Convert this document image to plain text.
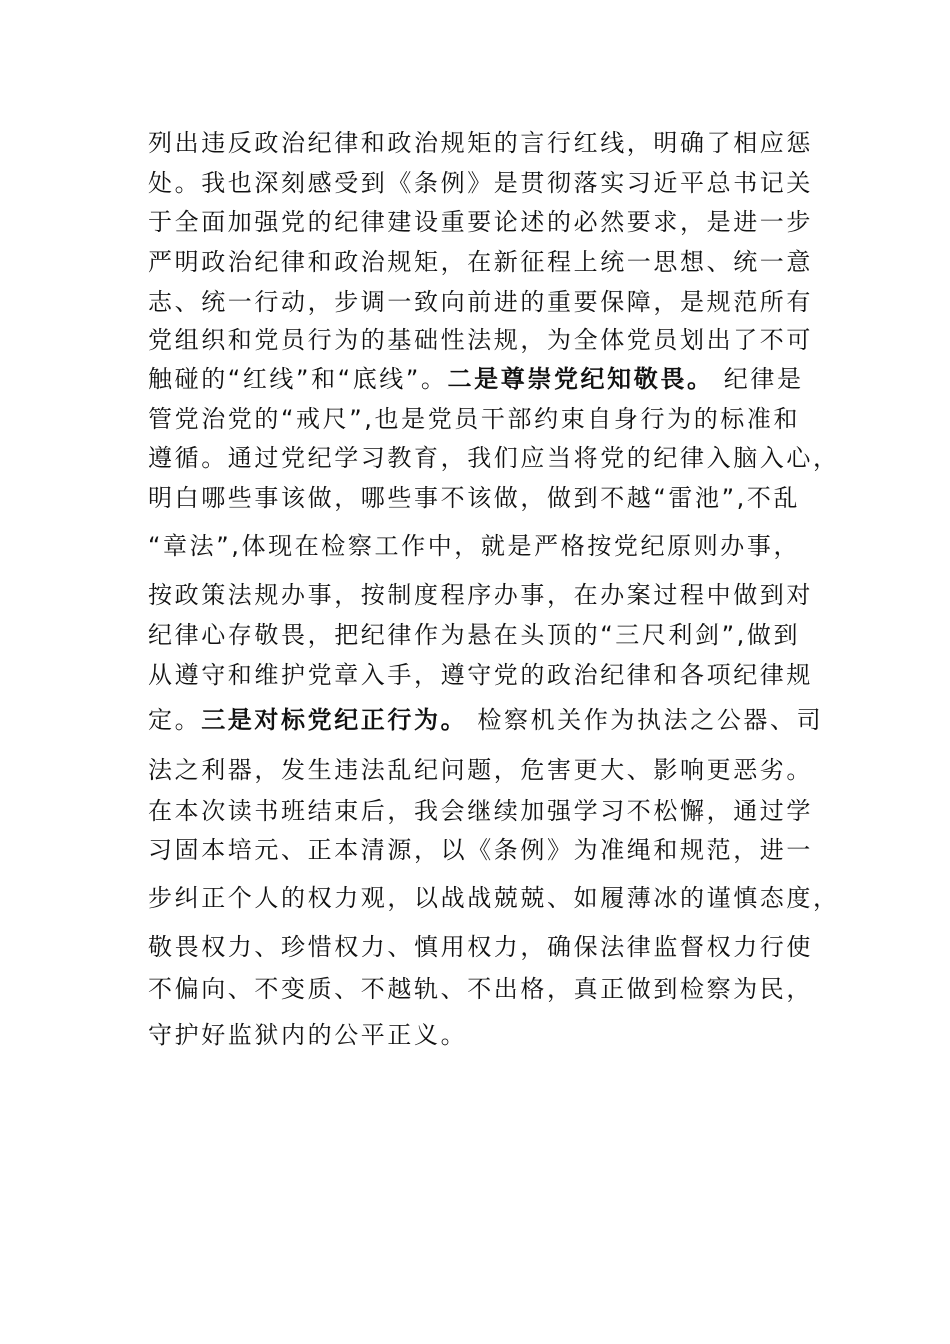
列出违反政治纪律和政治规矩的言行红线，明确了相应惩
处。我也深刻感受到《条例》是贯彻落实习近平总书记关
于全面加强党的纪律建设重要论述的必然要求，是进一步
严明政治纪律和政治规矩，在新征程上统一思想、统一意
志、统一行动，步调一致向前进的重要保障，是规范所有
党组织和党员行为的基础性法规，为全体党员划出了不可
触碰的“红线”和“底线”。二是尊崇党纪知敬畏。 纪律是
管党治党的“戒尺”,也是党员干部约束自身行为的标准和
遵循。通过党纪学习教育，我们应当将党的纪律入脑入心，
明白哪些事该做，哪些事不该做，做到不越“雷池”,不乱
“章法”,体现在检察工作中，就是严格按党纪原则办事，
按政策法规办事，按制度程序办事，在办案过程中做到对
纪律心存敬畏，把纪律作为悬在头顶的“三尺利剑”,做到
从遵守和维护党章入手，遵守党的政治纪律和各项纪律规
定。三是对标党纪正行为。 检察机关作为执法之公器、司
法之利器，发生违法乱纪问题，危害更大、影响更恶劣。
在本次读书班结束后，我会继续加强学习不松懈，通过学
习固本培元、正本清源，以《条例》为准绳和规范，进一
步纠正个人的权力观，以战战兢兢、如履薄冰的谨慎态度，
敬畏权力、珍惜权力、慎用权力，确保法律监督权力行使
不偏向、不变质、不越轨、不出格，真正做到检察为民，
守护好监狱内的公平正义。
